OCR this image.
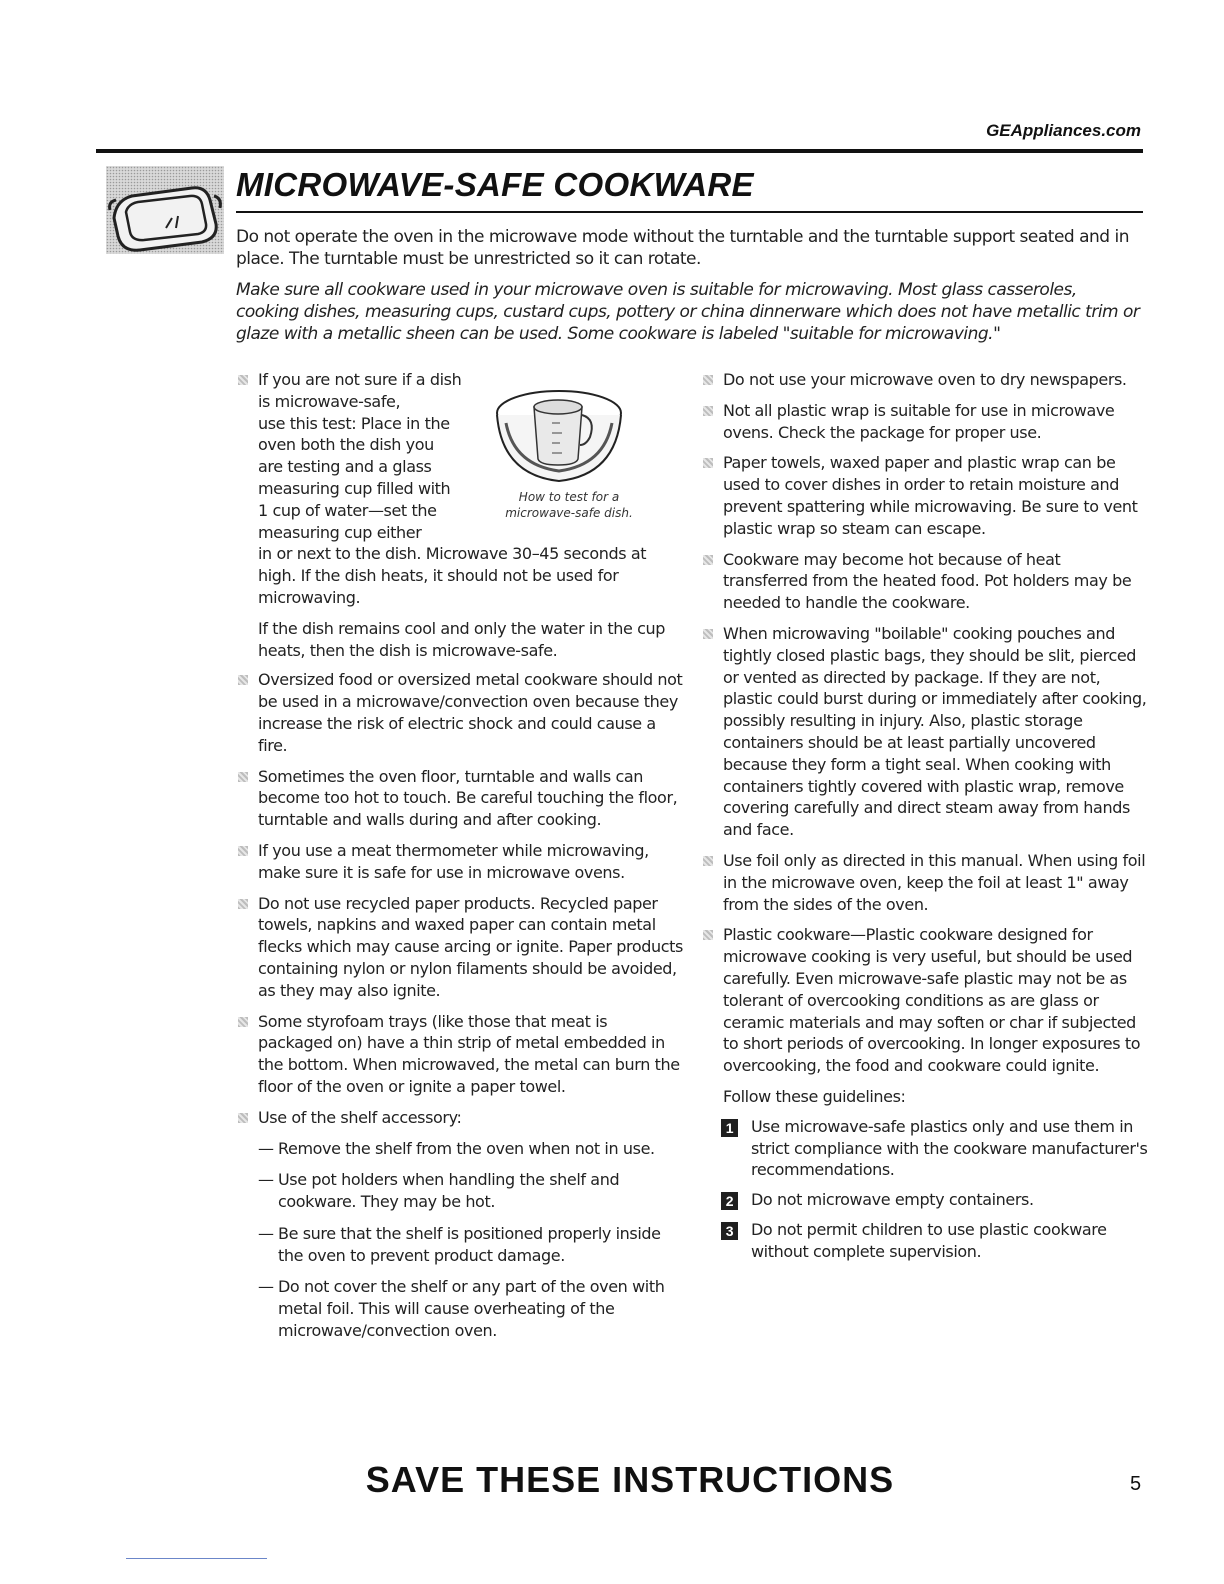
GEAppliances.com
MICROWAVE-SAFE COOKWARE

Do not operate the oven in the microwave mode without the turntable and the turntable support seated and in place. The turntable must be unrestricted so it can rotate.

Make sure all cookware used in your microwave oven is suitable for microwaving. Most glass casseroles, cooking dishes, measuring cups, custard cups, pottery or china dinnerware which does not have metallic trim or glaze with a metallic sheen can be used. Some cookware is labeled "suitable for microwaving."

How to test for a
microwave-safe dish.
If you are not sure if a dish
is microwave-safe,
use this test: Place in the
oven both the dish you
are testing and a glass
measuring cup filled with
1 cup of water—set the
measuring cup either
in or next to the dish. Microwave 30–45 seconds at high. If the dish heats, it should not be used for microwaving.
If the dish remains cool and only the water in the cup heats, then the dish is microwave-safe.
Oversized food or oversized metal cookware should not be used in a microwave/convection oven because they increase the risk of electric shock and could cause a fire.
Sometimes the oven floor, turntable and walls can become too hot to touch. Be careful touching the floor, turntable and walls during and after cooking.
If you use a meat thermometer while microwaving, make sure it is safe for use in microwave ovens.
Do not use recycled paper products. Recycled paper towels, napkins and waxed paper can contain metal flecks which may cause arcing or ignite. Paper products containing nylon or nylon filaments should be avoided, as they may also ignite.
Some styrofoam trays (like those that meat is packaged on) have a thin strip of metal embedded in the bottom. When microwaved, the metal can burn the floor of the oven or ignite a paper towel.
Use of the shelf accessory:
— Remove the shelf from the oven when not in use.
— Use pot holders when handling the shelf and cookware. They may be hot.
— Be sure that the shelf is positioned properly inside the oven to prevent product damage.
— Do not cover the shelf or any part of the oven with metal foil. This will cause overheating of the microwave/convection oven.
Do not use your microwave oven to dry newspapers.
Not all plastic wrap is suitable for use in microwave ovens. Check the package for proper use.
Paper towels, waxed paper and plastic wrap can be used to cover dishes in order to retain moisture and prevent spattering while microwaving. Be sure to vent plastic wrap so steam can escape.
Cookware may become hot because of heat transferred from the heated food. Pot holders may be needed to handle the cookware.
When microwaving "boilable" cooking pouches and tightly closed plastic bags, they should be slit, pierced or vented as directed by package. If they are not, plastic could burst during or immediately after cooking, possibly resulting in injury. Also, plastic storage containers should be at least partially uncovered because they form a tight seal. When cooking with containers tightly covered with plastic wrap, remove covering carefully and direct steam away from hands and face.
Use foil only as directed in this manual. When using foil in the microwave oven, keep the foil at least 1" away from the sides of the oven.
Plastic cookware—Plastic cookware designed for microwave cooking is very useful, but should be used carefully. Even microwave-safe plastic may not be as tolerant of overcooking conditions as are glass or ceramic materials and may soften or char if subjected to short periods of overcooking. In longer exposures to overcooking, the food and cookware could ignite.
Follow these guidelines:
1	Use microwave-safe plastics only and use them in strict compliance with the cookware manufacturer's recommendations.
2	Do not microwave empty containers.
3	Do not permit children to use plastic cookware without complete supervision.
SAVE THESE INSTRUCTIONS	5
